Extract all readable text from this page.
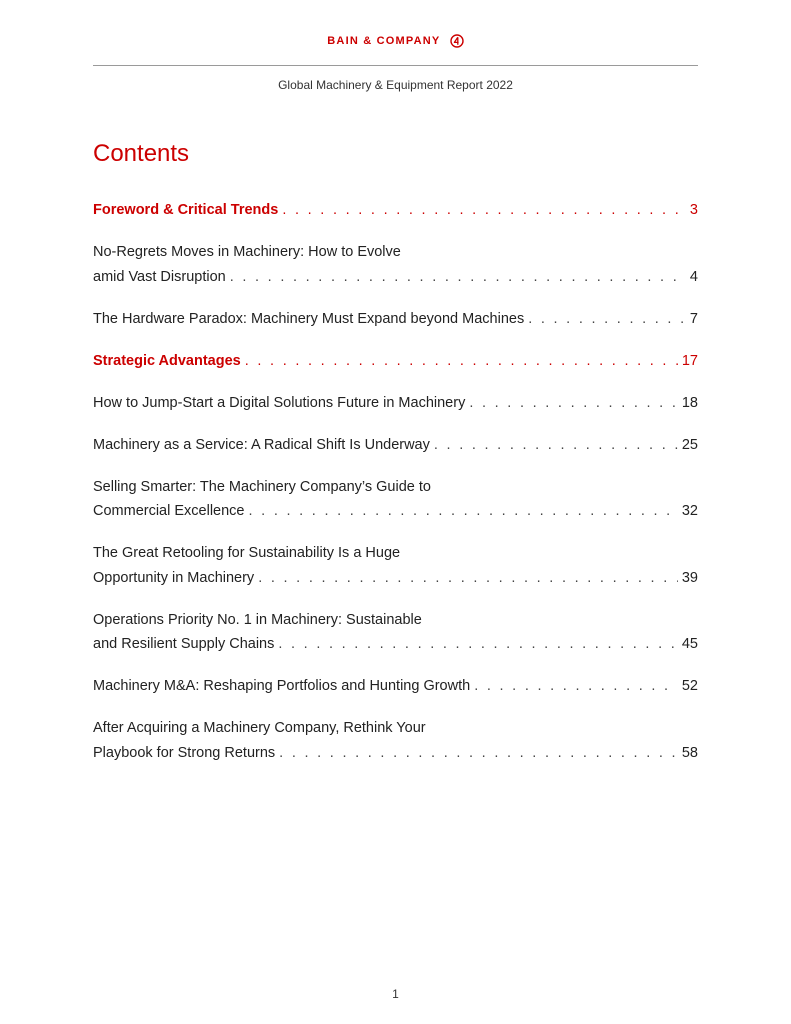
BAIN & COMPANY
Global Machinery & Equipment Report 2022
Contents
Foreword & Critical Trends . . .	3
No-Regrets Moves in Machinery: How to Evolve
amid Vast Disruption . . .	4
The Hardware Paradox: Machinery Must Expand beyond Machines . . .	7
Strategic Advantages . . .	17
How to Jump-Start a Digital Solutions Future in Machinery . . .	18
Machinery as a Service: A Radical Shift Is Underway . . .	25
Selling Smarter: The Machinery Company’s Guide to
Commercial Excellence . . .	32
The Great Retooling for Sustainability Is a Huge
Opportunity in Machinery . . .	39
Operations Priority No. 1 in Machinery: Sustainable
and Resilient Supply Chains . . .	45
Machinery M&A: Reshaping Portfolios and Hunting Growth . . .	52
After Acquiring a Machinery Company, Rethink Your
Playbook for Strong Returns . . .	58
1
